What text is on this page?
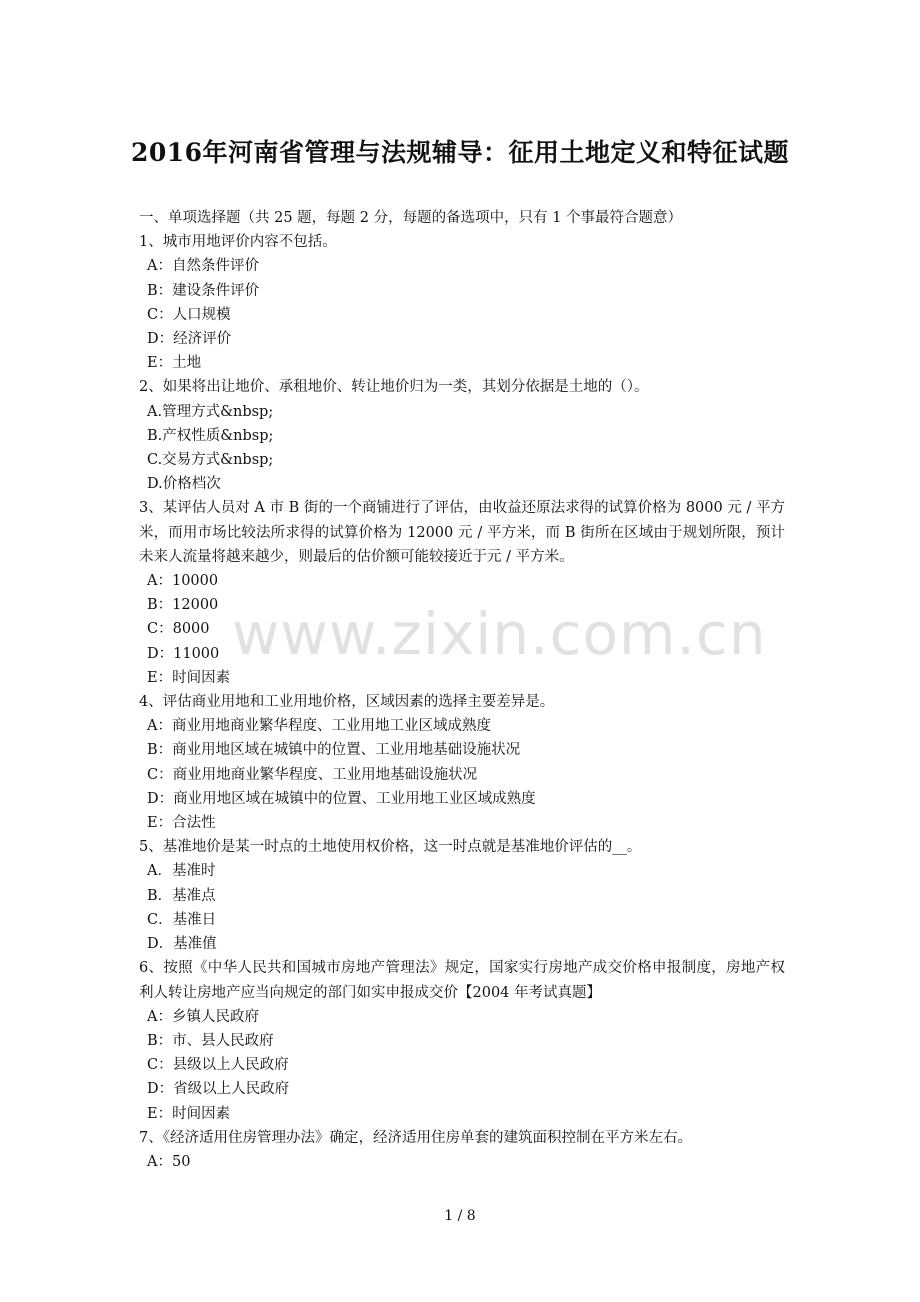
2016年河南省管理与法规辅导：征用土地定义和特征试题
一、单项选择题（共 25 题，每题 2 分，每题的备选项中，只有 1 个事最符合题意）
1、城市用地评价内容不包括。
A：自然条件评价
B：建设条件评价
C：人口规模
D：经济评价
E：土地
2、如果将出让地价、承租地价、转让地价归为一类，其划分依据是土地的（）。
A.管理方式&nbsp;
B.产权性质&nbsp;
C.交易方式&nbsp;
D.价格档次
3、某评估人员对 A 市 B 街的一个商铺进行了评估，由收益还原法求得的试算价格为 8000 元 / 平方米，而用市场比较法所求得的试算价格为 12000 元 / 平方米，而 B 街所在区域由于规划所限，预计未来人流量将越来越少，则最后的估价额可能较接近于元 / 平方米。
A：10000
B：12000
C：8000
D：11000
E：时间因素
4、评估商业用地和工业用地价格，区域因素的选择主要差异是。
A：商业用地商业繁华程度、工业用地工业区域成熟度
B：商业用地区域在城镇中的位置、工业用地基础设施状况
C：商业用地商业繁华程度、工业用地基础设施状况
D：商业用地区域在城镇中的位置、工业用地工业区域成熟度
E：合法性
5、基准地价是某一时点的土地使用权价格，这一时点就是基准地价评估的__。
A．基准时
B．基准点
C．基准日
D．基准值
6、按照《中华人民共和国城市房地产管理法》规定，国家实行房地产成交价格申报制度，房地产权利人转让房地产应当向规定的部门如实申报成交价【2004 年考试真题】
A：乡镇人民政府
B：市、县人民政府
C：县级以上人民政府
D：省级以上人民政府
E：时间因素
7、《经济适用住房管理办法》确定，经济适用住房单套的建筑面积控制在平方米左右。
A：50
www.zixin.com.cn
1 / 8
